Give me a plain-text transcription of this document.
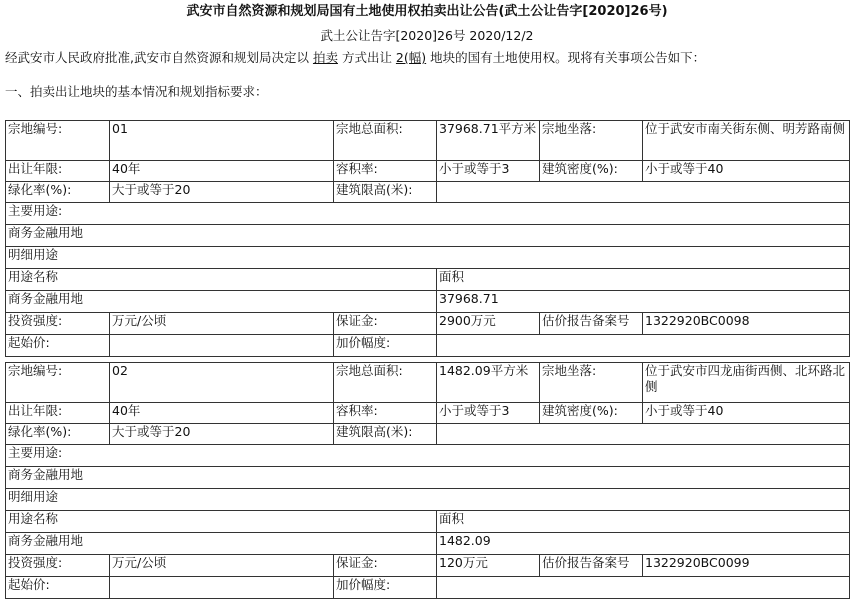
武安市自然资源和规划局国有土地使用权拍卖出让公告(武土公让告字[2020]26号)
武土公让告字[2020]26号 2020/12/2
经武安市人民政府批准,武安市自然资源和规划局决定以 拍卖 方式出让 2(幅) 地块的国有土地使用权。现将有关事项公告如下：
一、拍卖出让地块的基本情况和规划指标要求：
宗地编号:	01	宗地总面积:	37968.71平方米	宗地坐落:	位于武安市南关街东侧、明芳路南侧
出让年限:	40年	容积率:	小于或等于3	建筑密度(%):	小于或等于40
绿化率(%):	大于或等于20	建筑限高(米):			
主要用途:					
商务金融用地					
明细用途					
用途名称			面积		
商务金融用地			37968.71		
投资强度:	万元/公顷	保证金:	2900万元	估价报告备案号	1322920BC0098
起始价:		加价幅度:			
宗地编号:	02	宗地总面积:	1482.09平方米	宗地坐落:	位于武安市四龙庙街西侧、北环路北侧
出让年限:	40年	容积率:	小于或等于3	建筑密度(%):	小于或等于40
绿化率(%):	大于或等于20	建筑限高(米):			
主要用途:					
商务金融用地					
明细用途					
用途名称			面积		
商务金融用地			1482.09		
投资强度:	万元/公顷	保证金:	120万元	估价报告备案号	1322920BC0099
起始价:		加价幅度:			
